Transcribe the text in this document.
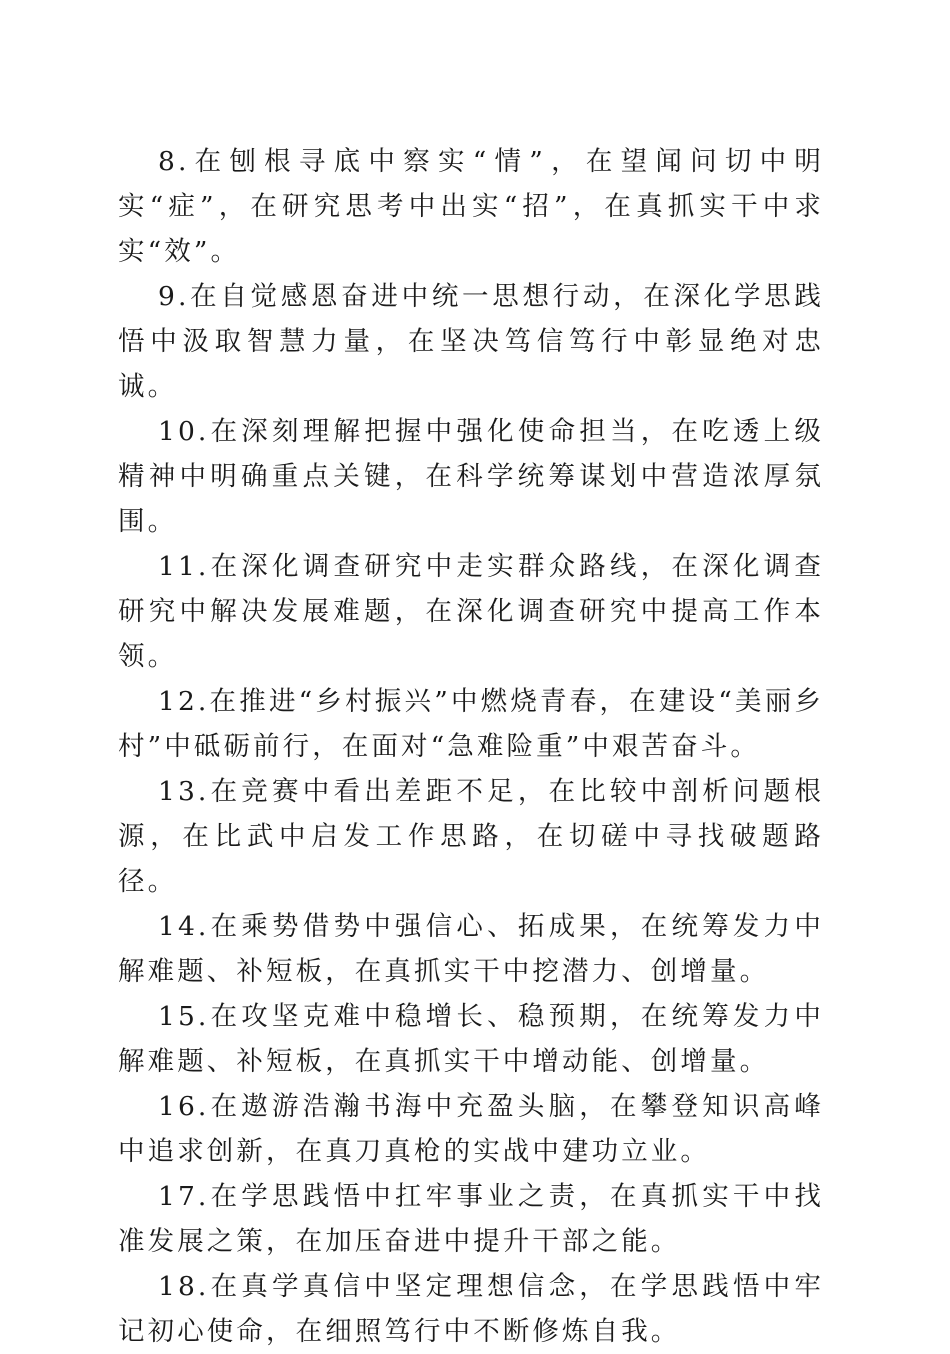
8.在刨根寻底中察实“情”，在望闻问切中明实“症”，在研究思考中出实“招”，在真抓实干中求实“效”。

9.在自觉感恩奋进中统一思想行动，在深化学思践悟中汲取智慧力量，在坚决笃信笃行中彰显绝对忠诚。

10.在深刻理解把握中强化使命担当，在吃透上级精神中明确重点关键，在科学统筹谋划中营造浓厚氛围。

11.在深化调查研究中走实群众路线，在深化调查研究中解决发展难题，在深化调查研究中提高工作本领。

12.在推进“乡村振兴”中燃烧青春，在建设“美丽乡村”中砥砺前行，在面对“急难险重”中艰苦奋斗。

13.在竞赛中看出差距不足，在比较中剖析问题根源，在比武中启发工作思路，在切磋中寻找破题路径。

14.在乘势借势中强信心、拓成果，在统筹发力中解难题、补短板，在真抓实干中挖潜力、创增量。

15.在攻坚克难中稳增长、稳预期，在统筹发力中解难题、补短板，在真抓实干中增动能、创增量。

16.在遨游浩瀚书海中充盈头脑，在攀登知识高峰中追求创新，在真刀真枪的实战中建功立业。

17.在学思践悟中扛牢事业之责，在真抓实干中找准发展之策，在加压奋进中提升干部之能。

18.在真学真信中坚定理想信念，在学思践悟中牢记初心使命，在细照笃行中不断修炼自我。
